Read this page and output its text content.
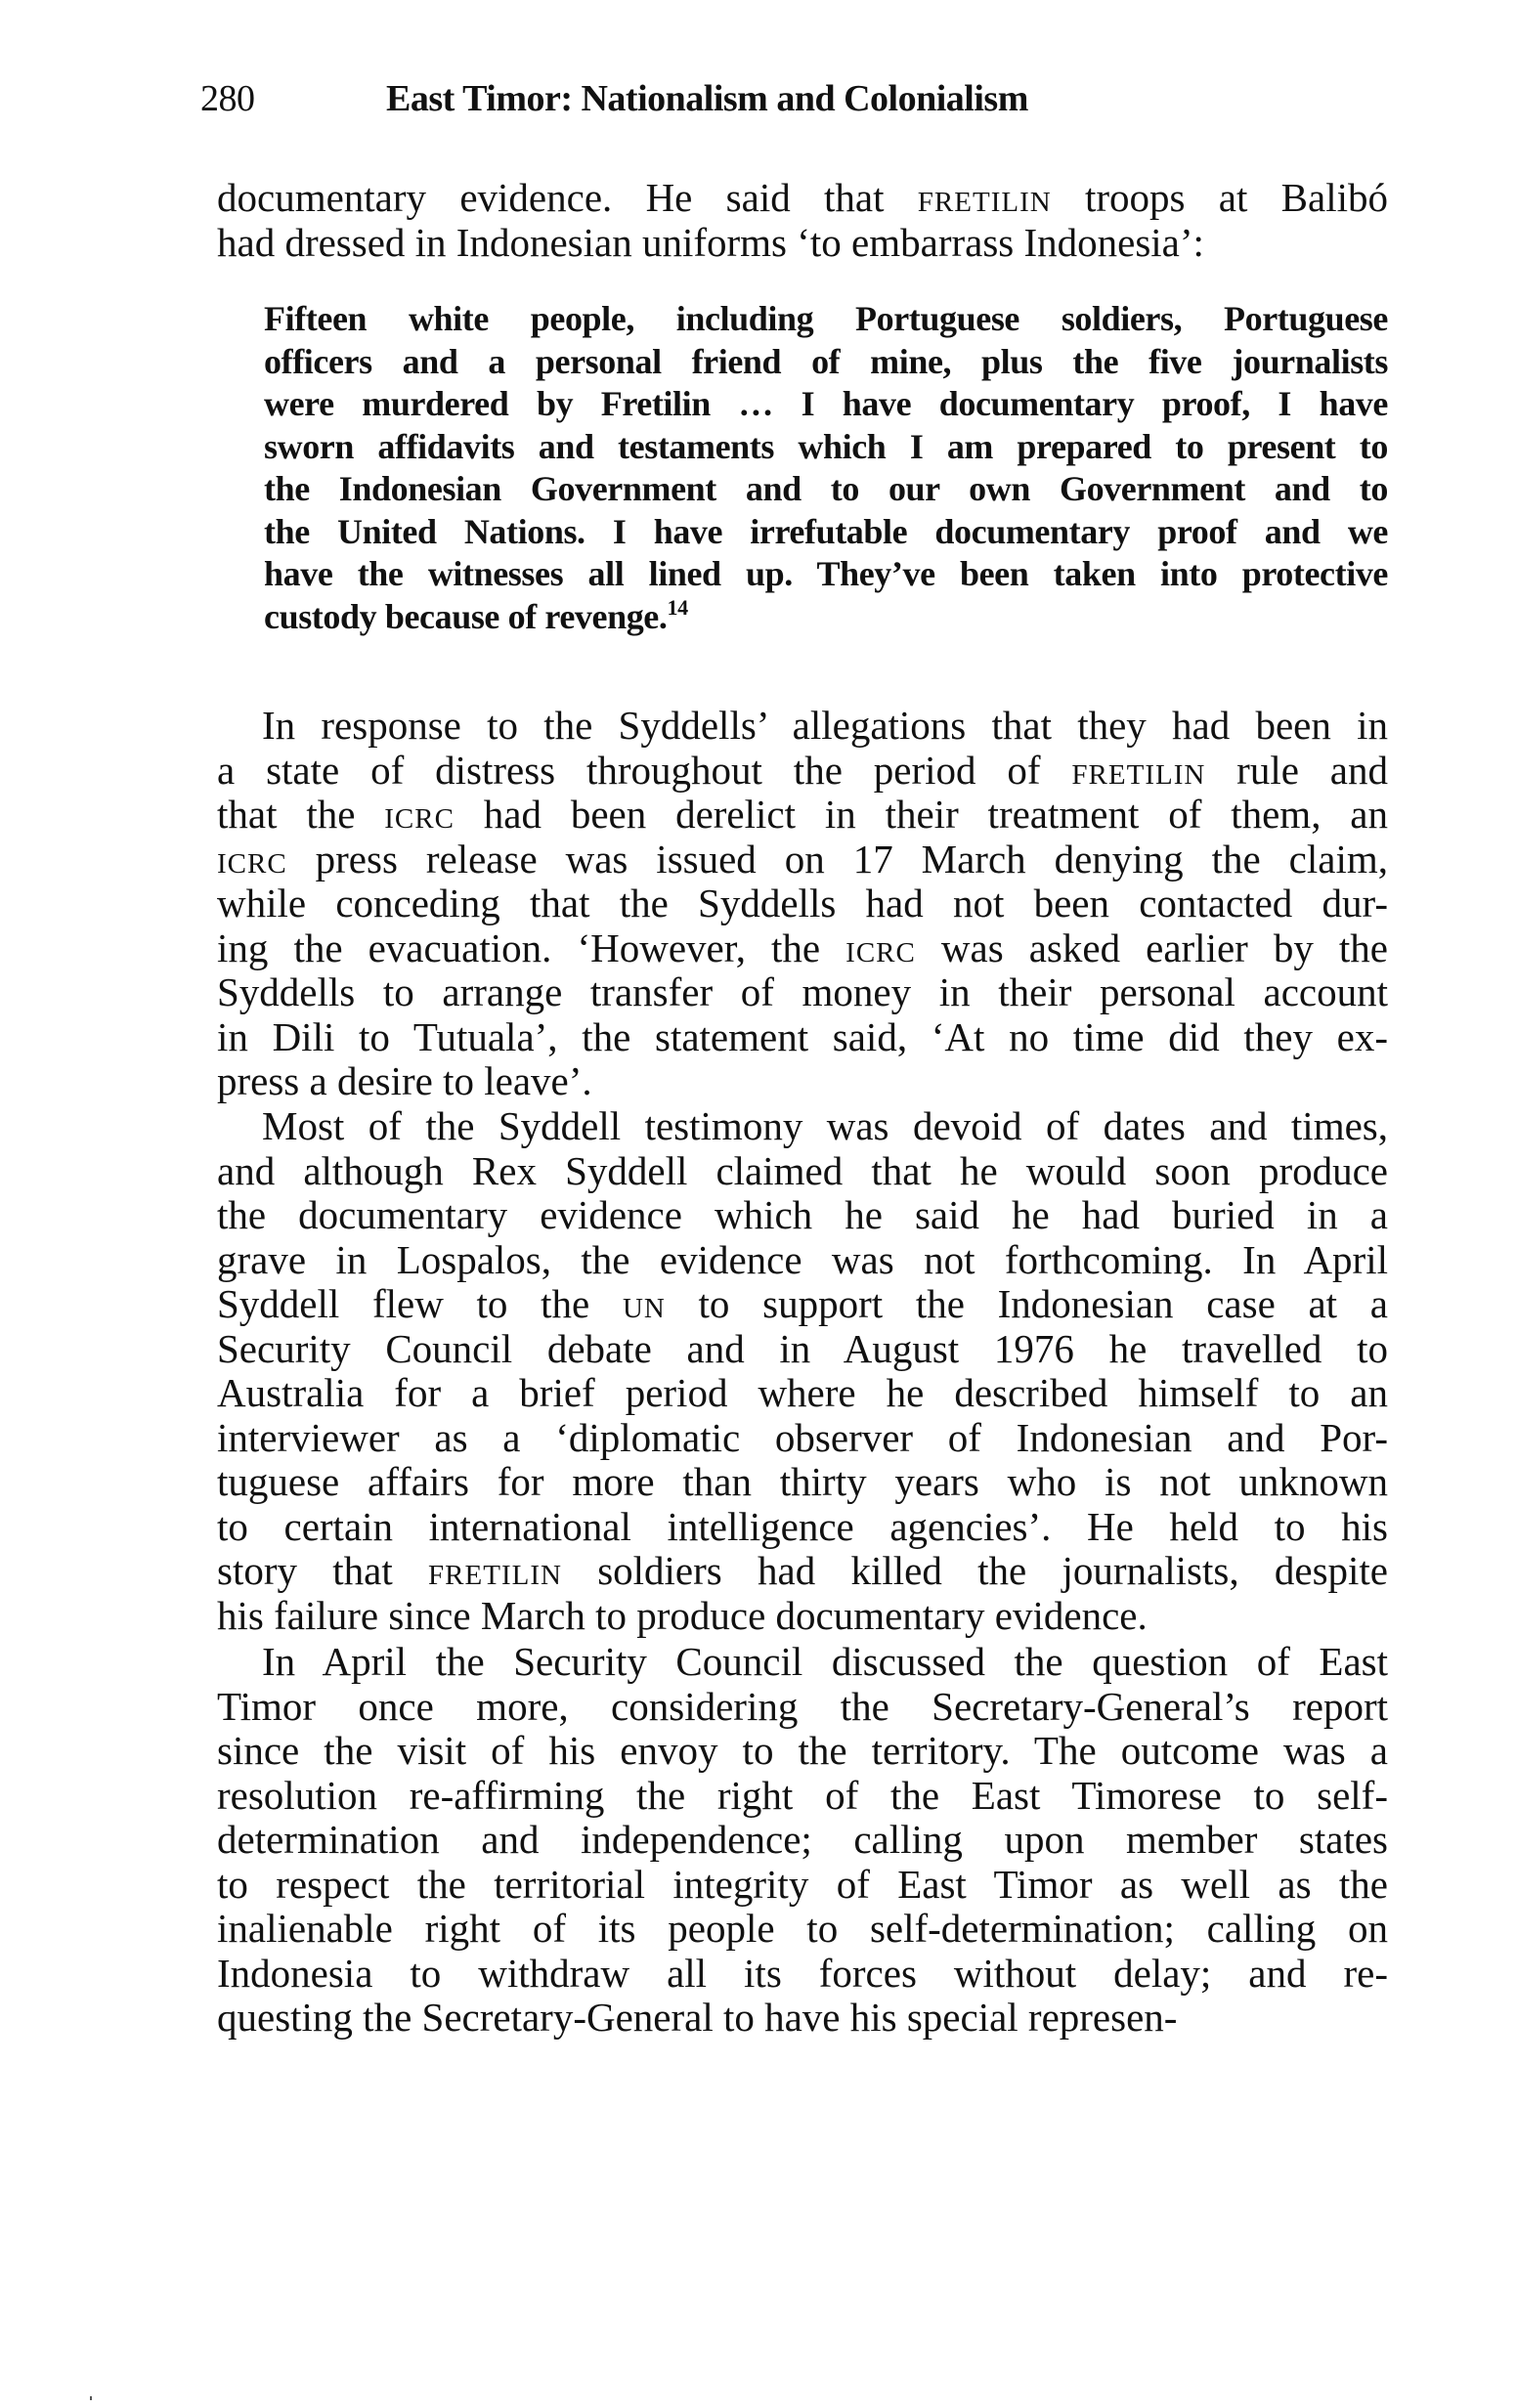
280	East Timor: Nationalism and Colonialism
documentary evidence. He said that fretilin troops at Balibó
had dressed in Indonesian uniforms ‘to embarrass Indonesia’:
Fifteen white people, including Portuguese soldiers, Portuguese
officers and a personal friend of mine, plus the five journalists
were murdered by Fretilin … I have documentary proof, I have
sworn affidavits and testaments which I am prepared to present to
the Indonesian Government and to our own Government and to
the United Nations. I have irrefutable documentary proof and we
have the witnesses all lined up. They’ve been taken into protective
custody because of revenge.$^{14}$
In response to the Syddells’ allegations that they had been in
a state of distress throughout the period of fretilin rule and
that the icrc had been derelict in their treatment of them, an
icrc press release was issued on 17 March denying the claim,
while conceding that the Syddells had not been contacted dur-
ing the evacuation. ‘However, the icrc was asked earlier by the
Syddells to arrange transfer of money in their personal account
in Dili to Tutuala’, the statement said, ‘At no time did they ex-
press a desire to leave’.
Most of the Syddell testimony was devoid of dates and times,
and although Rex Syddell claimed that he would soon produce
the documentary evidence which he said he had buried in a
grave in Lospalos, the evidence was not forthcoming. In April
Syddell flew to the un to support the Indonesian case at a
Security Council debate and in August 1976 he travelled to
Australia for a brief period where he described himself to an
interviewer as a ‘diplomatic observer of Indonesian and Por-
tuguese affairs for more than thirty years who is not unknown
to certain international intelligence agencies’. He held to his
story that fretilin soldiers had killed the journalists, despite
his failure since March to produce documentary evidence.
In April the Security Council discussed the question of East
Timor once more, considering the Secretary-General’s report
since the visit of his envoy to the territory. The outcome was a
resolution re-affirming the right of the East Timorese to self-
determination and independence; calling upon member states
to respect the territorial integrity of East Timor as well as the
inalienable right of its people to self-determination; calling on
Indonesia to withdraw all its forces without delay; and re-
questing the Secretary-General to have his special represen-
